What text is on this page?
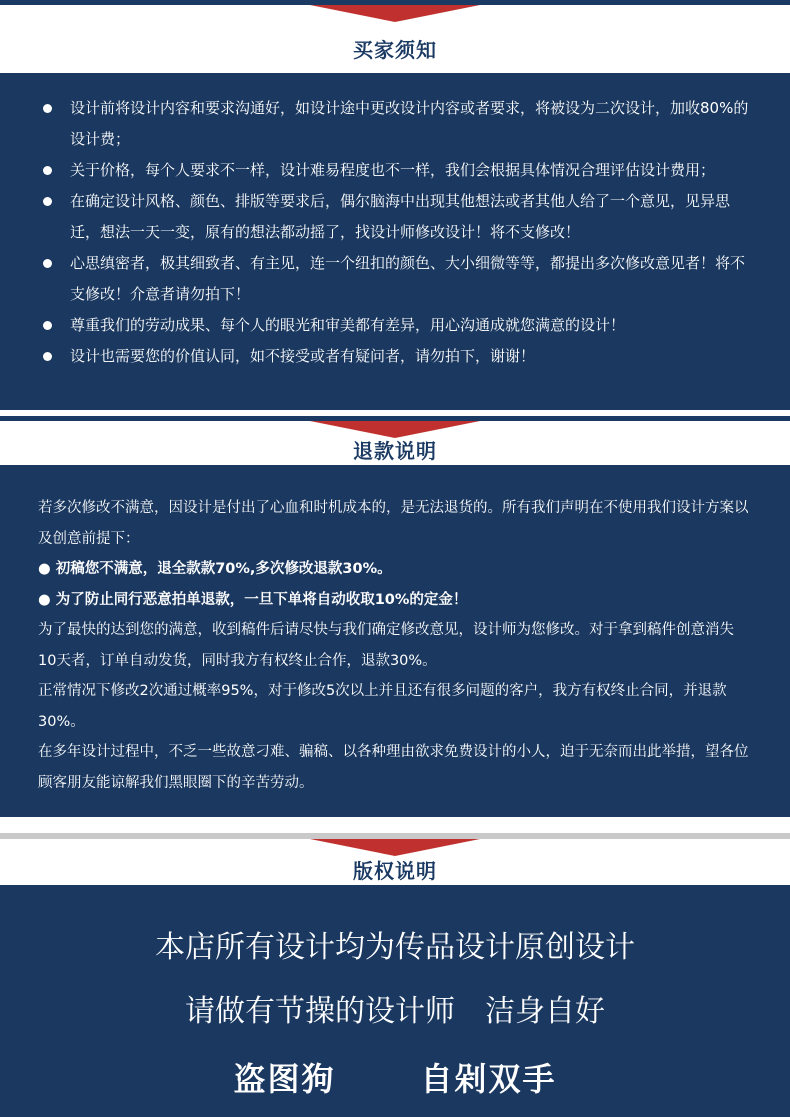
买家须知
设计前将设计内容和要求沟通好，如设计途中更改设计内容或者要求，将被设为二次设计，加收80%的设计费；
关于价格，每个人要求不一样，设计难易程度也不一样，我们会根据具体情况合理评估设计费用；
在确定设计风格、颜色、排版等要求后，偶尔脑海中出现其他想法或者其他人给了一个意见，见异思迁，想法一天一变，原有的想法都动摇了，找设计师修改设计！将不支修改！
心思缜密者，极其细致者、有主见，连一个纽扣的颜色、大小细微等等，都提出多次修改意见者！将不支修改！介意者请勿拍下！
尊重我们的劳动成果、每个人的眼光和审美都有差异，用心沟通成就您满意的设计！
设计也需要您的价值认同，如不接受或者有疑问者，请勿拍下，谢谢！
退款说明

若多次修改不满意，因设计是付出了心血和时机成本的，是无法退货的。所有我们声明在不使用我们设计方案以及创意前提下：

● 初稿您不满意，退全款款70%,多次修改退款30%。

● 为了防止同行恶意拍单退款，一旦下单将自动收取10%的定金！

为了最快的达到您的满意，收到稿件后请尽快与我们确定修改意见，设计师为您修改。对于拿到稿件创意消失10天者，订单自动发货，同时我方有权终止合作，退款30%。

正常情况下修改2次通过概率95%，对于修改5次以上并且还有很多问题的客户，我方有权终止合同，并退款30%。

在多年设计过程中，不乏一些故意刁难、骗稿、以各种理由欲求免费设计的小人，迫于无奈而出此举措，望各位顾客朋友能谅解我们黑眼圈下的辛苦劳动。

版权说明
本店所有设计均为传品设计原创设计
请做有节操的设计师　洁身自好
盗图狗	自剁双手
